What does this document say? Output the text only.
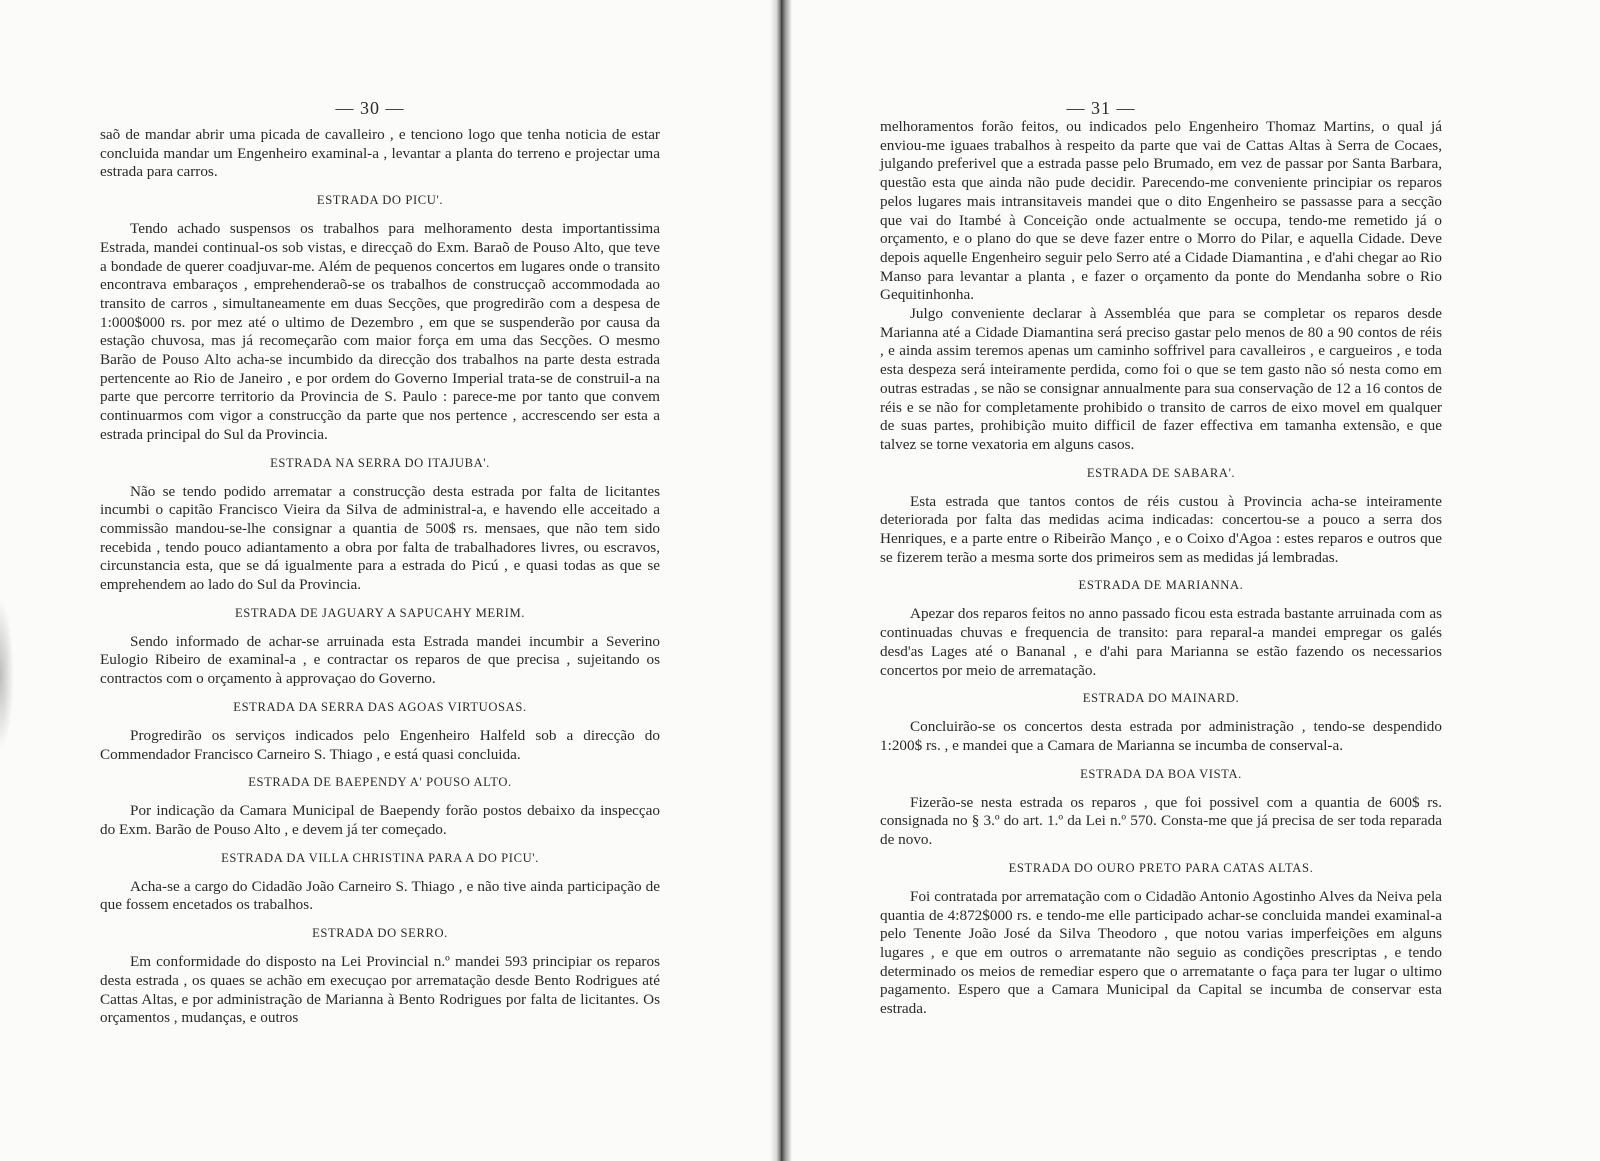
— 30 —

saõ de mandar abrir uma picada de cavalleiro , e tenciono logo que tenha noticia de estar concluida mandar um Engenheiro examinal-a , levantar a planta do terreno e projectar uma estrada para carros.

ESTRADA DO PICU'.

Tendo achado suspensos os trabalhos para melhoramento desta importantissima Estrada, mandei continual-os sob vistas, e direcçaõ do Exm. Baraõ de Pouso Alto, que teve a bondade de querer coadjuvar-me. Além de pequenos concertos em lugares onde o transito encontrava embaraços , emprehenderaõ-se os trabalhos de construcçaõ accommodada ao transito de carros , simultaneamente em duas Secções, que progredirão com a despesa de 1:000$000 rs. por mez até o ultimo de Dezembro , em que se suspenderão por causa da estação chuvosa, mas já recomeçarão com maior força em uma das Secções. O mesmo Barão de Pouso Alto acha-se incumbido da direcção dos trabalhos na parte desta estrada pertencente ao Rio de Janeiro , e por ordem do Governo Imperial trata-se de construil-a na parte que percorre territorio da Provincia de S. Paulo : parece-me por tanto que convem continuarmos com vigor a construcção da parte que nos pertence , accrescendo ser esta a estrada principal do Sul da Provincia.

ESTRADA NA SERRA DO ITAJUBA'.

Não se tendo podido arrematar a construcção desta estrada por falta de licitantes incumbi o capitão Francisco Vieira da Silva de administral-a, e havendo elle acceitado a commissão mandou-se-lhe consignar a quantia de 500$ rs. mensaes, que não tem sido recebida , tendo pouco adiantamento a obra por falta de trabalhadores livres, ou escravos, circunstancia esta, que se dá igualmente para a estrada do Picú , e quasi todas as que se emprehendem ao lado do Sul da Provincia.

ESTRADA DE JAGUARY A SAPUCAHY MERIM.

Sendo informado de achar-se arruinada esta Estrada mandei incumbir a Severino Eulogio Ribeiro de examinal-a , e contractar os reparos de que precisa , sujeitando os contractos com o orçamento à approvaçao do Governo.

ESTRADA DA SERRA DAS AGOAS VIRTUOSAS.

Progredirão os serviços indicados pelo Engenheiro Halfeld sob a direcção do Commendador Francisco Carneiro S. Thiago , e está quasi concluida.

ESTRADA DE BAEPENDY A' POUSO ALTO.

Por indicação da Camara Municipal de Baependy forão postos debaixo da inspecçao do Exm. Barão de Pouso Alto , e devem já ter começado.

ESTRADA DA VILLA CHRISTINA PARA A DO PICU'.

Acha-se a cargo do Cidadão João Carneiro S. Thiago , e não tive ainda participação de que fossem encetados os trabalhos.

ESTRADA DO SERRO.

Em conformidade do disposto na Lei Provincial n.º mandei 593 principiar os reparos desta estrada , os quaes se achão em execuçao por arrematação desde Bento Rodrigues até Cattas Altas, e por administração de Marianna à Bento Rodrigues por falta de licitantes. Os orçamentos , mudanças, e outros

— 31 —

melhoramentos forão feitos, ou indicados pelo Engenheiro Thomaz Martins, o qual já enviou-me iguaes trabalhos à respeito da parte que vai de Cattas Altas à Serra de Cocaes, julgando preferivel que a estrada passe pelo Brumado, em vez de passar por Santa Barbara, questão esta que ainda não pude decidir. Parecendo-me conveniente principiar os reparos pelos lugares mais intransitaveis mandei que o dito Engenheiro se passasse para a secção que vai do Itambé à Conceição onde actualmente se occupa, tendo-me remetido já o orçamento, e o plano do que se deve fazer entre o Morro do Pilar, e aquella Cidade. Deve depois aquelle Engenheiro seguir pelo Serro até a Cidade Diamantina , e d'ahi chegar ao Rio Manso para levantar a planta , e fazer o orçamento da ponte do Mendanha sobre o Rio Gequitinhonha.

Julgo conveniente declarar à Assembléa que para se completar os reparos desde Marianna até a Cidade Diamantina será preciso gastar pelo menos de 80 a 90 contos de réis , e ainda assim teremos apenas um caminho soffrivel para cavalleiros , e cargueiros , e toda esta despeza será inteiramente perdida, como foi o que se tem gasto não só nesta como em outras estradas , se não se consignar annualmente para sua conservação de 12 a 16 contos de réis e se não for completamente prohibido o transito de carros de eixo movel em qualquer de suas partes, prohibição muito difficil de fazer effectiva em tamanha extensão, e que talvez se torne vexatoria em alguns casos.

ESTRADA DE SABARA'.

Esta estrada que tantos contos de réis custou à Provincia acha-se inteiramente deteriorada por falta das medidas acima indicadas: concertou-se a pouco a serra dos Henriques, e a parte entre o Ribeirão Manço , e o Coixo d'Agoa : estes reparos e outros que se fizerem terão a mesma sorte dos primeiros sem as medidas já lembradas.

ESTRADA DE MARIANNA.

Apezar dos reparos feitos no anno passado ficou esta estrada bastante arruinada com as continuadas chuvas e frequencia de transito: para reparal-a mandei empregar os galés desd'as Lages até o Bananal , e d'ahi para Marianna se estão fazendo os necessarios concertos por meio de arrematação.

ESTRADA DO MAINARD.

Concluirão-se os concertos desta estrada por administração , tendo-se despendido 1:200$ rs. , e mandei que a Camara de Marianna se incumba de conserval-a.

ESTRADA DA BOA VISTA.

Fizerão-se nesta estrada os reparos , que foi possivel com a quantia de 600$ rs. consignada no § 3.º do art. 1.º da Lei n.º 570. Consta-me que já precisa de ser toda reparada de novo.

ESTRADA DO OURO PRETO PARA CATAS ALTAS.

Foi contratada por arrematação com o Cidadão Antonio Agostinho Alves da Neiva pela quantia de 4:872$000 rs. e tendo-me elle participado achar-se concluida mandei examinal-a pelo Tenente João José da Silva Theodoro , que notou varias imperfeições em alguns lugares , e que em outros o arrematante não seguio as condições prescriptas , e tendo determinado os meios de remediar espero que o arrematante o faça para ter lugar o ultimo pagamento. Espero que a Camara Municipal da Capital se incumba de conservar esta estrada.
